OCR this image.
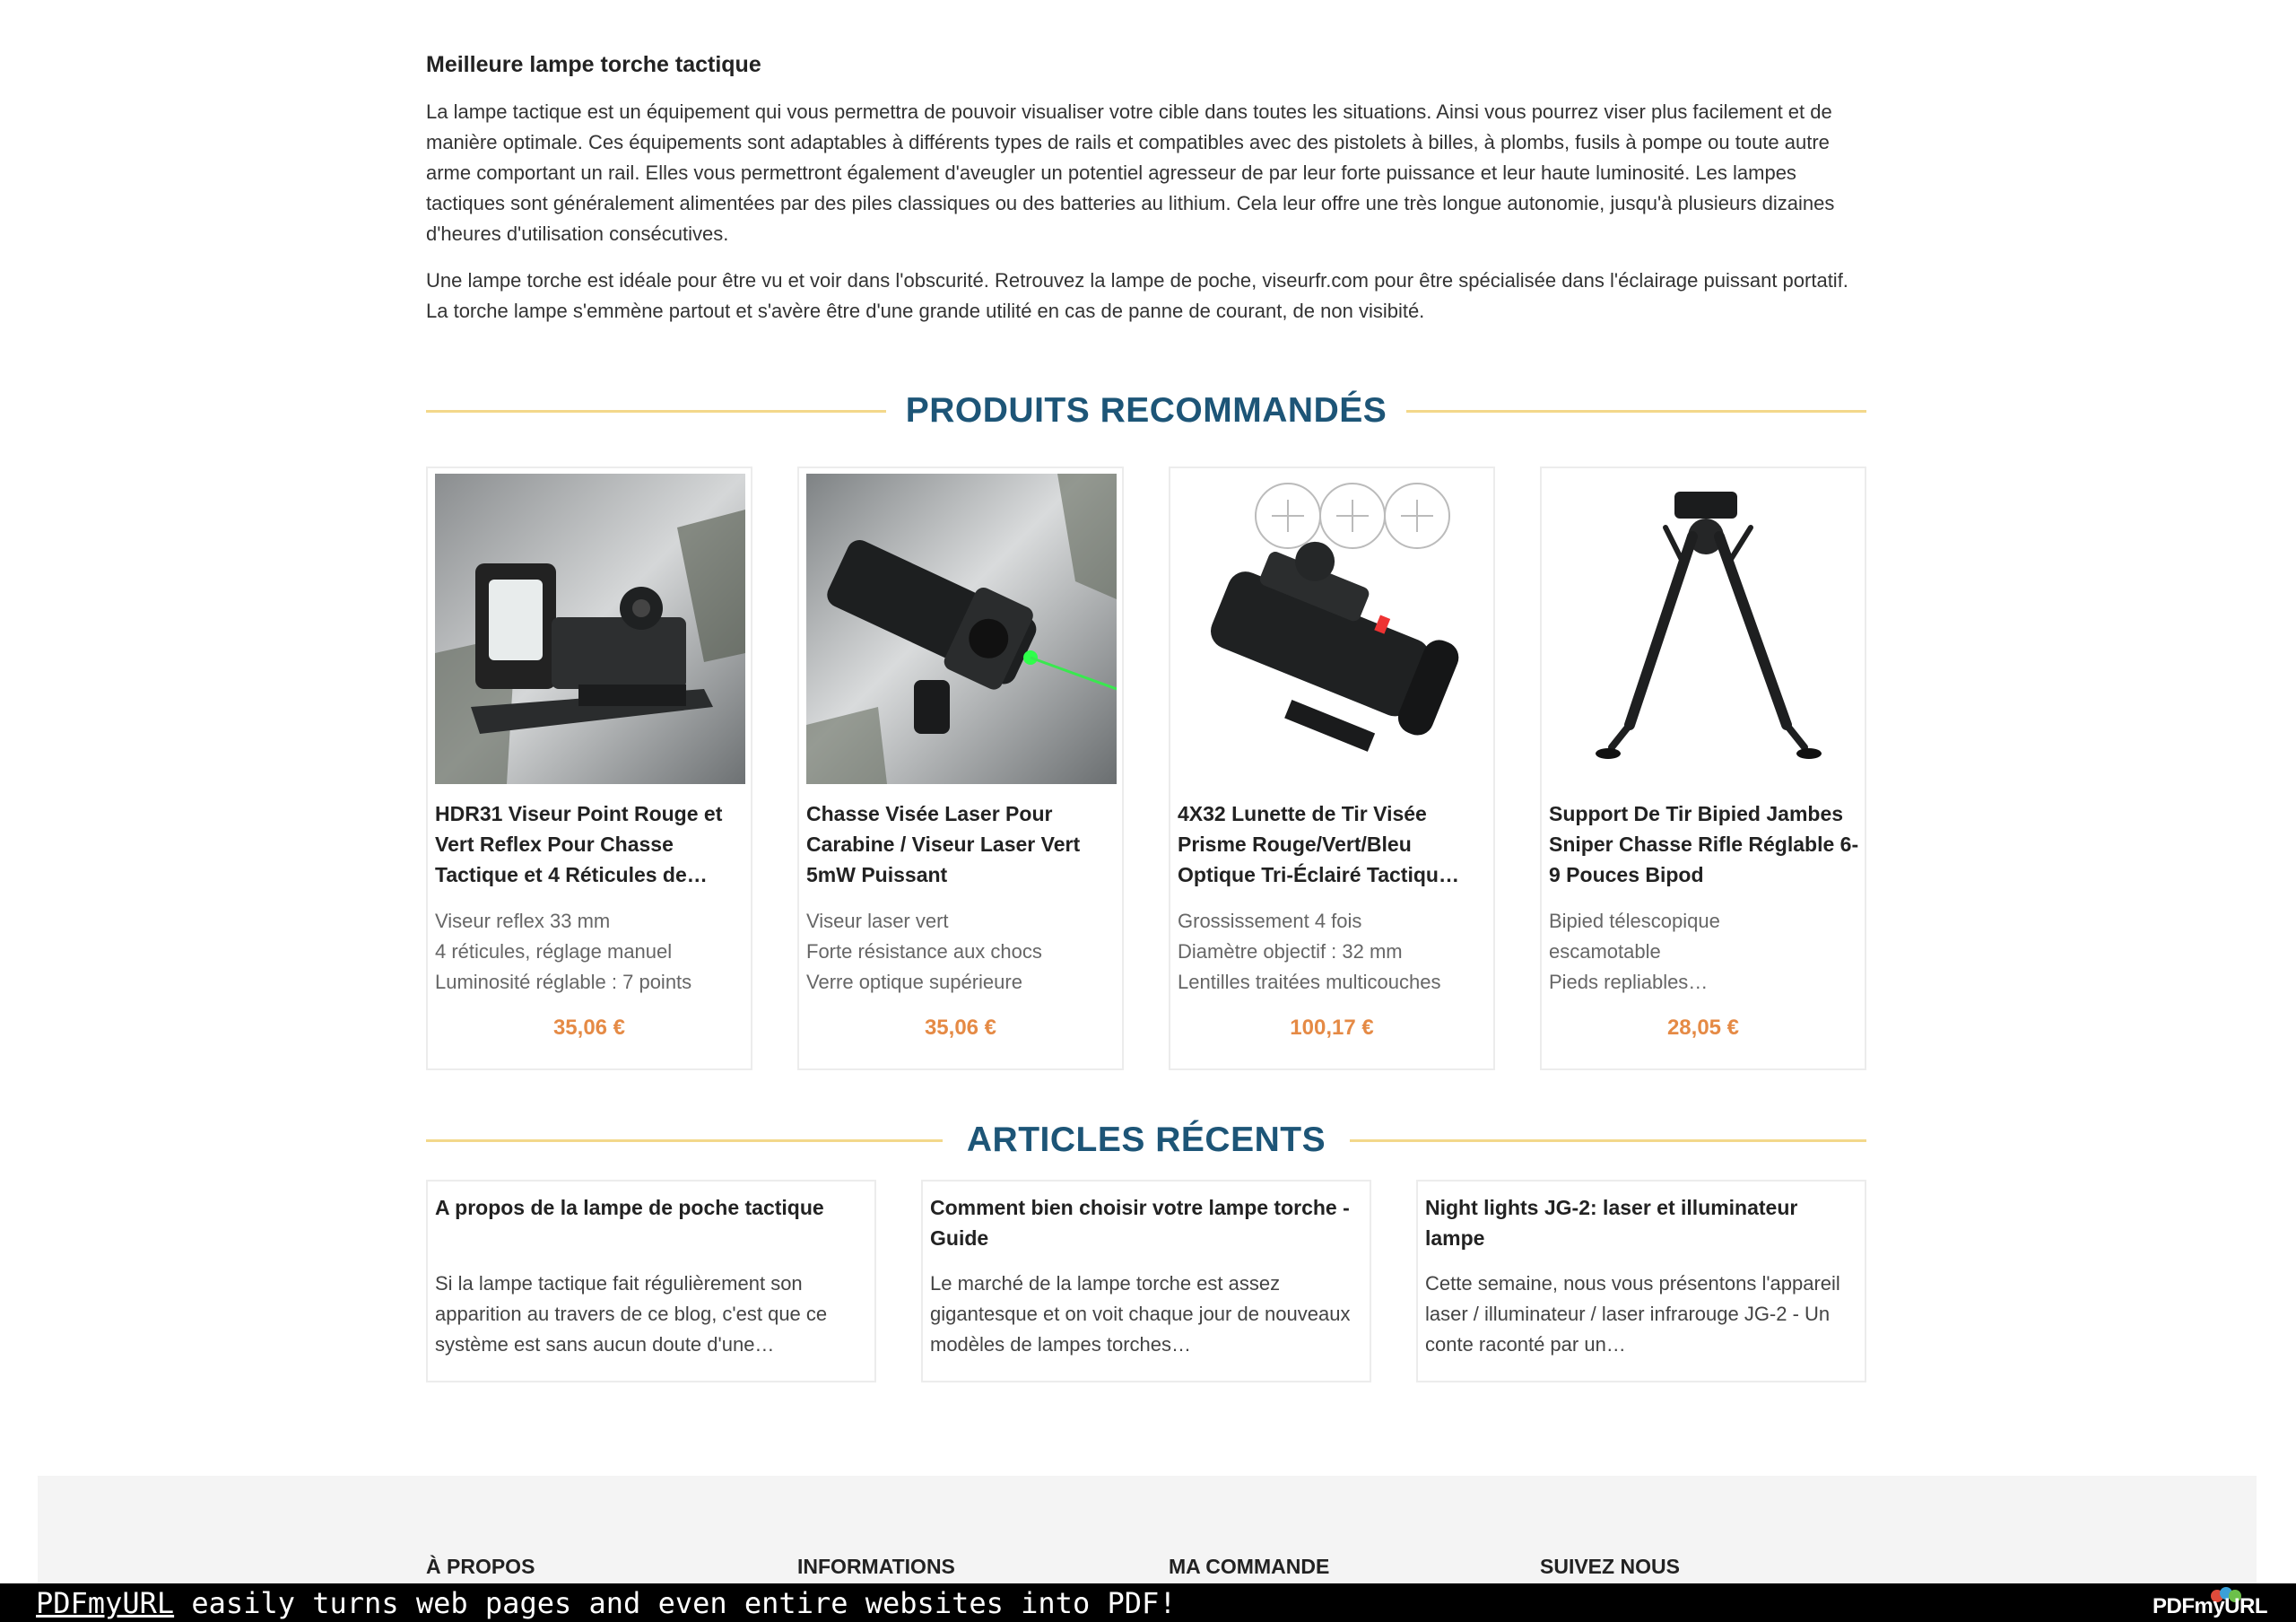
Meilleure lampe torche tactique

La lampe tactique est un équipement qui vous permettra de pouvoir visualiser votre cible dans toutes les situations. Ainsi vous pourrez viser plus facilement et de manière optimale. Ces équipements sont adaptables à différents types de rails et compatibles avec des pistolets à billes, à plombs, fusils à pompe ou toute autre arme comportant un rail. Elles vous permettront également d'aveugler un potentiel agresseur de par leur forte puissance et leur haute luminosité. Les lampes tactiques sont généralement alimentées par des piles classiques ou des batteries au lithium. Cela leur offre une très longue autonomie, jusqu'à plusieurs dizaines d'heures d'utilisation consécutives.

Une lampe torche est idéale pour être vu et voir dans l'obscurité. Retrouvez la lampe de poche, viseurfr.com pour être spécialisée dans l'éclairage puissant portatif. La torche lampe s'emmène partout et s'avère être d'une grande utilité en cas de panne de courant, de non visibité.

PRODUITS RECOMMANDÉS
HDR31 Viseur Point Rouge et Vert Reflex Pour Chasse Tactique et 4 Réticules de…
Viseur reflex 33 mm
4 réticules, réglage manuel
Luminosité réglable : 7 points
35,06 €
Chasse Visée Laser Pour Carabine / Viseur Laser Vert 5mW Puissant
Viseur laser vert
Forte résistance aux chocs
Verre optique supérieure
35,06 €
4X32 Lunette de Tir Visée Prisme Rouge/Vert/Bleu Optique Tri-Éclairé Tactiqu…
Grossissement 4 fois
Diamètre objectif : 32 mm
Lentilles traitées multicouches
100,17 €
Support De Tir Bipied Jambes Sniper Chasse Rifle Réglable 6-9 Pouces Bipod
Bipied télescopique
escamotable
Pieds repliables…
28,05 €
ARTICLES RÉCENTS
A propos de la lampe de poche tactique
Si la lampe tactique fait régulièrement son apparition au travers de ce blog, c'est que ce système est sans aucun doute d'une…
Comment bien choisir votre lampe torche - Guide
Le marché de la lampe torche est assez gigantesque et on voit chaque jour de nouveaux modèles de lampes torches…
Night lights JG-2: laser et illuminateur lampe
Cette semaine, nous vous présentons l'appareil laser / illuminateur / laser infrarouge JG-2 - Un conte raconté par un…
À PROPOS	INFORMATIONS	MA COMMANDE	SUIVEZ NOUS
PDFmyURL easily turns web pages and even entire websites into PDF!	PDFmyURL
